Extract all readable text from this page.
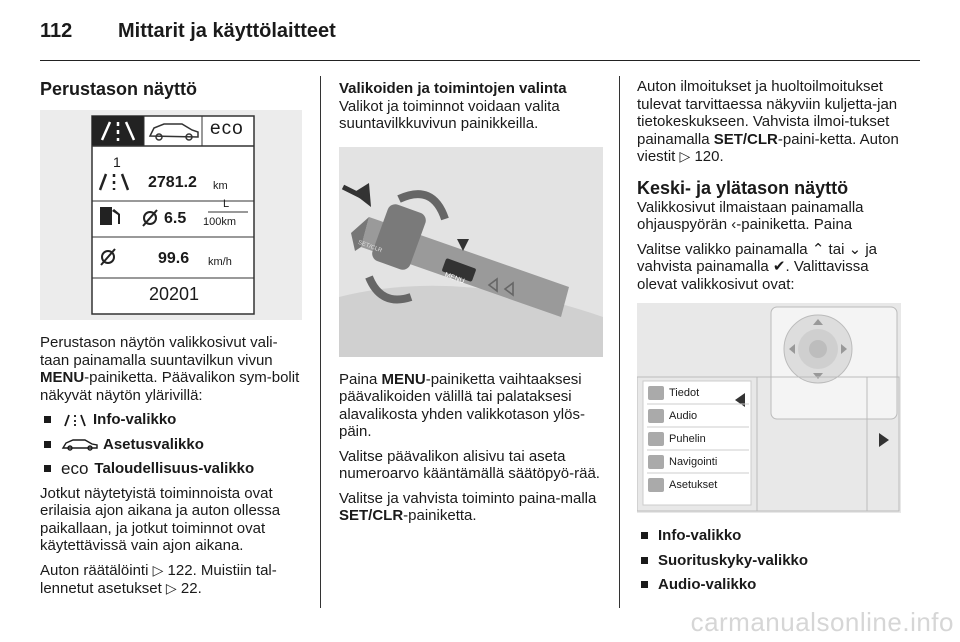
112 Mittarit ja käyttölaitteet
Perustason näyttö
eco
1
2781.2 km
6.5
L
100km
99.6 km/h
20201

Perustason näytön valikkosivut vali-taan painamalla suuntavilkun vivun MENU-painiketta. Päävalikon sym-bolit näkyvät näytön ylärivillä:

Info-valikko
Asetusvalikko
eco Taloudellisuus-valikko

Jotkut näytetyistä toiminnoista ovat erilaisia ajon aikana ja auton ollessa paikallaan, ja jotkut toiminnot ovat käytettävissä vain ajon aikana.

Auton räätälöinti ▷ 122. Muistiin tal-lennetut asetukset ▷ 22.

Valikoiden ja toimintojen valinta

Valikot ja toiminnot voidaan valita suuntavilkkuvivun painikkeilla.

MENU
SET/CLR

Paina MENU-painiketta vaihtaaksesi päävalikoiden välillä tai palataksesi alavalikosta yhden valikkotason ylös-päin.

Valitse päävalikon alisivu tai aseta numeroarvo kääntämällä säätöpyö-rää.

Valitse ja vahvista toiminto paina-malla SET/CLR-painiketta.

Auton ilmoitukset ja huoltoilmoitukset tulevat tarvittaessa näkyviin kuljetta-jan tietokeskukseen. Vahvista ilmoi-tukset painamalla SET/CLR-paini-ketta. Auton viestit ▷ 120.

Keski- ja ylätason näyttö

Valikkosivut ilmaistaan painamalla ohjauspyörän ‹-painiketta. Paina

Valitse valikko painamalla ⌃ tai ⌄ ja vahvista painamalla ✔. Valittavissa olevat valikkosivut ovat:

Tiedot
Audio
Puhelin
Navigointi
Asetukset
Info-valikko
Suorituskyky-valikko
Audio-valikko
carmanualsonline.info
